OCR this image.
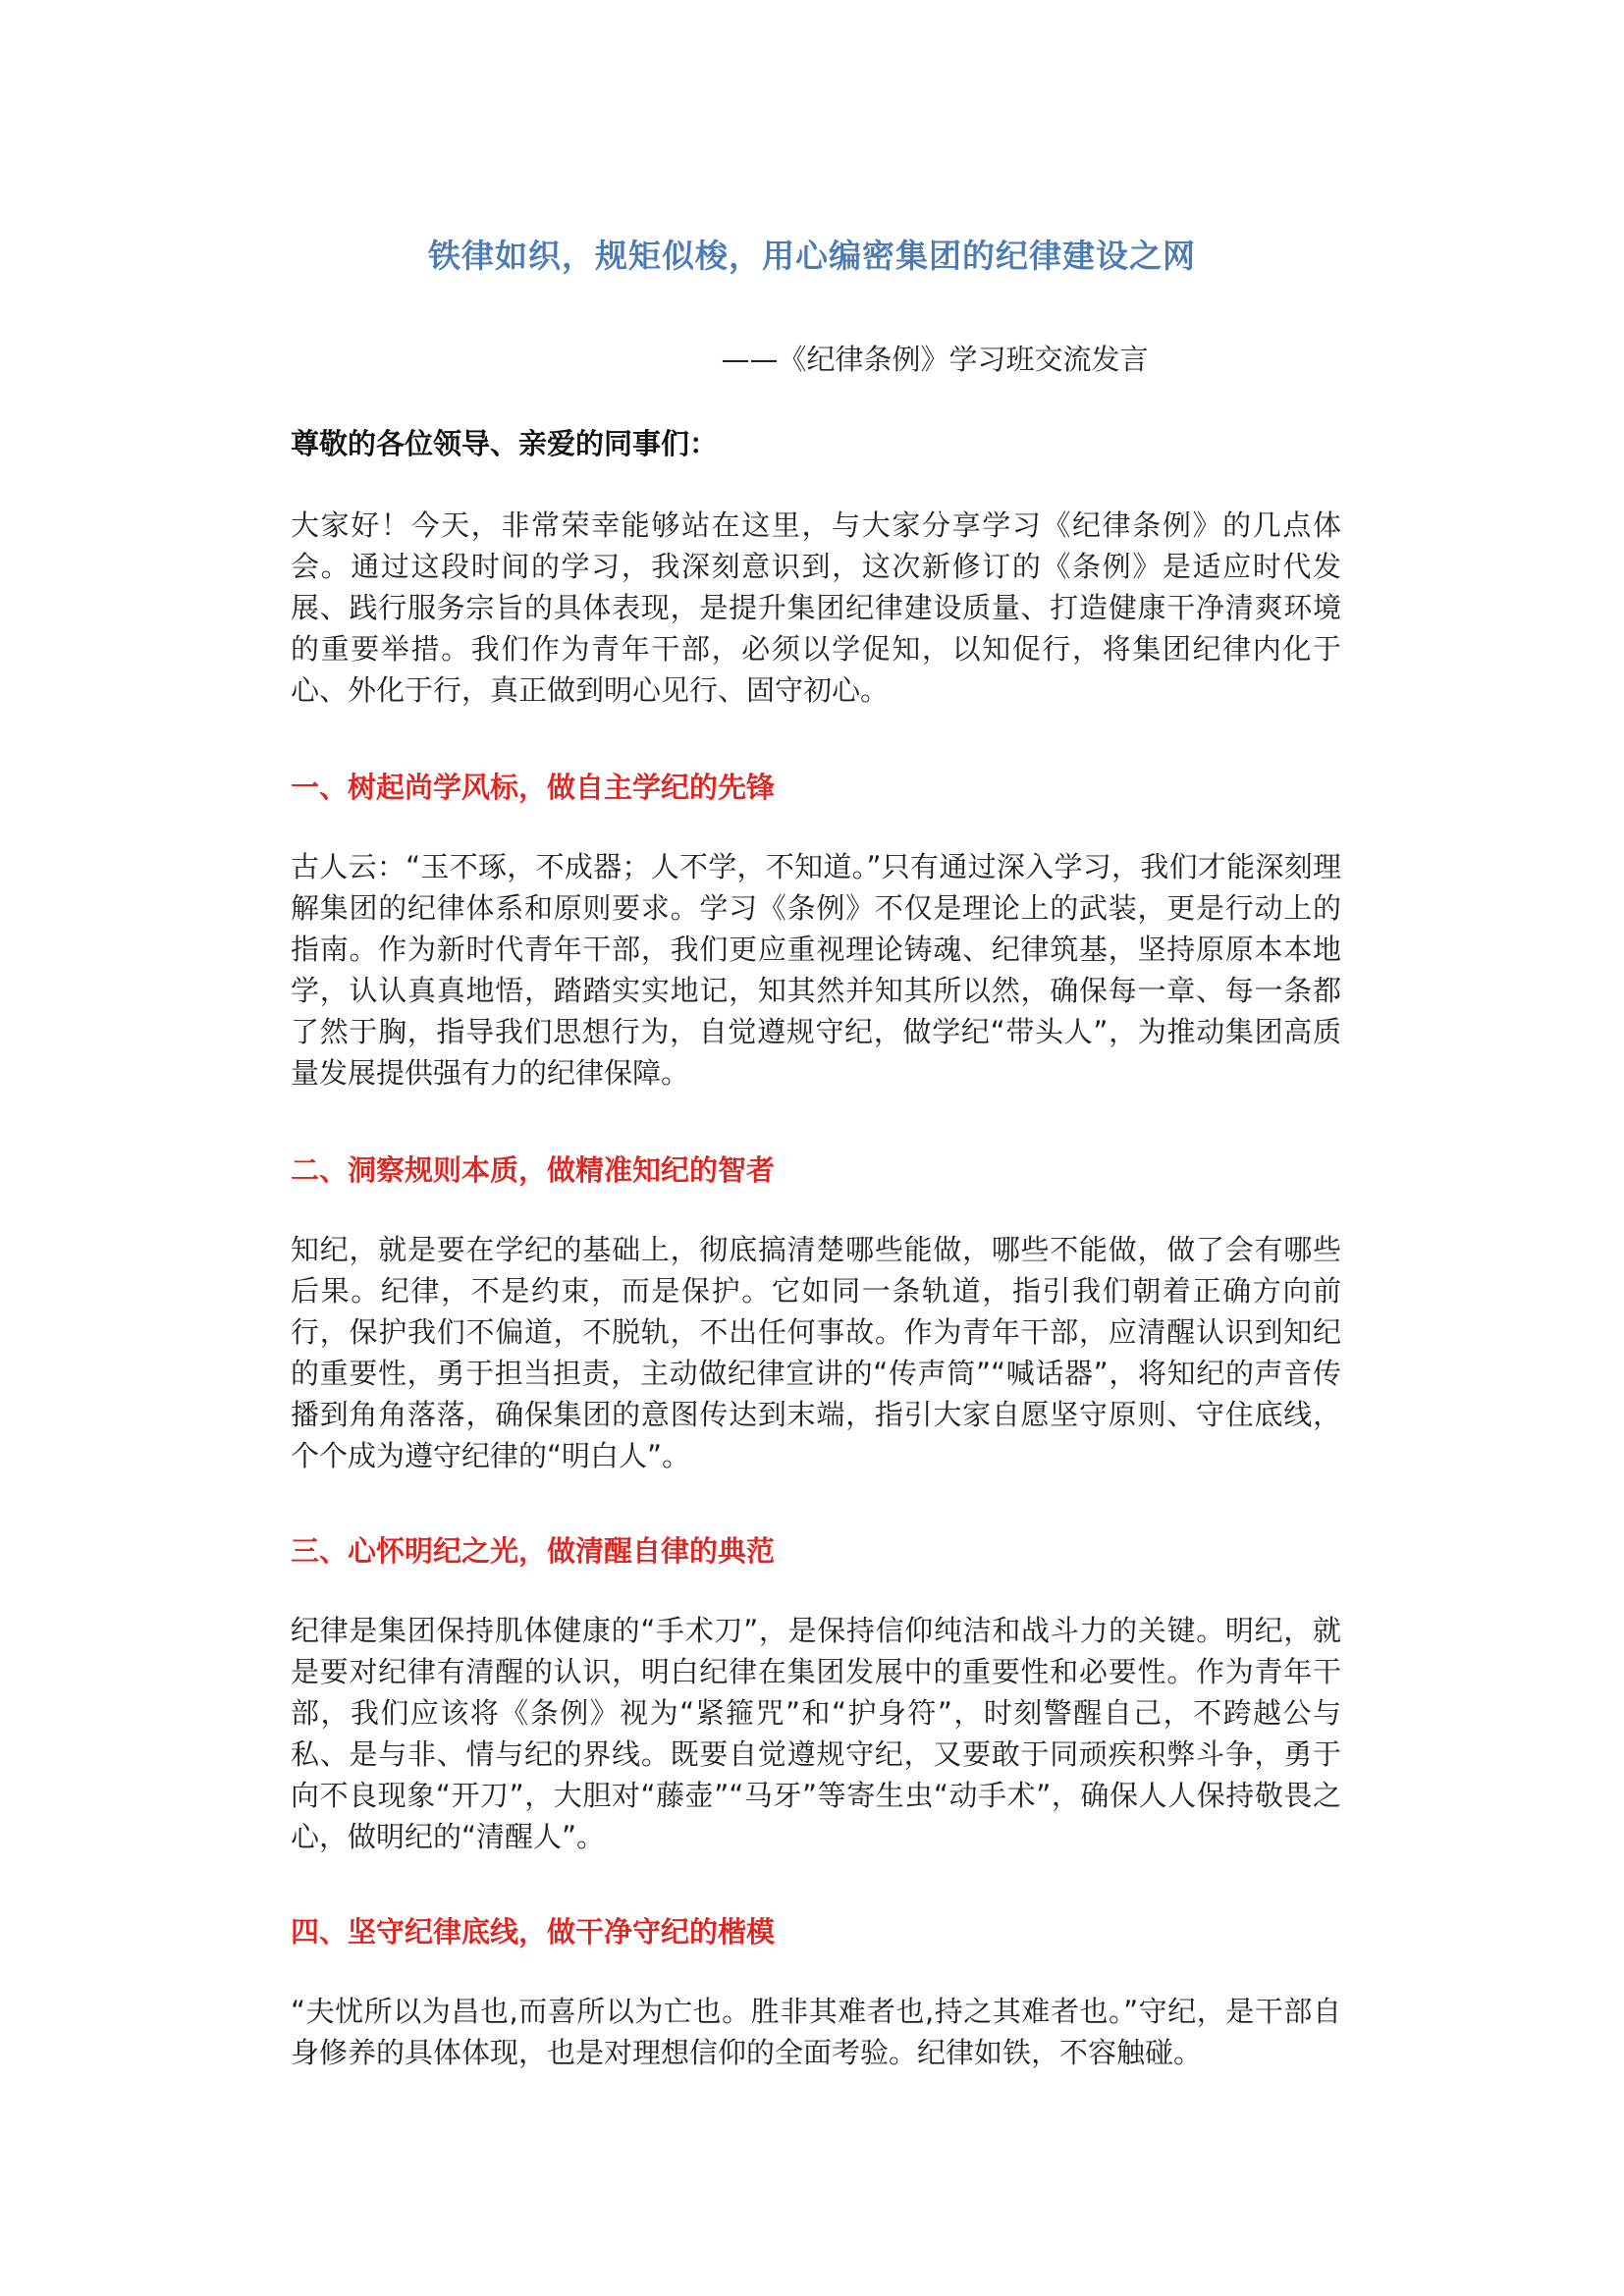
铁律如织，规矩似梭，用心编密集团的纪律建设之网
——《纪律条例》学习班交流发言
尊敬的各位领导、亲爱的同事们：
大家好！今天，非常荣幸能够站在这里，与大家分享学习《纪律条例》的几点体会。通过这段时间的学习，我深刻意识到，这次新修订的《条例》是适应时代发展、践行服务宗旨的具体表现，是提升集团纪律建设质量、打造健康干净清爽环境的重要举措。我们作为青年干部，必须以学促知，以知促行，将集团纪律内化于心、外化于行，真正做到明心见行、固守初心。
一、树起尚学风标，做自主学纪的先锋
古人云：“玉不琢，不成器；人不学，不知道。”只有通过深入学习，我们才能深刻理解集团的纪律体系和原则要求。学习《条例》不仅是理论上的武装，更是行动上的指南。作为新时代青年干部，我们更应重视理论铸魂、纪律筑基，坚持原原本本地学，认认真真地悟，踏踏实实地记，知其然并知其所以然，确保每一章、每一条都了然于胸，指导我们思想行为，自觉遵规守纪，做学纪“带头人”，为推动集团高质量发展提供强有力的纪律保障。
二、洞察规则本质，做精准知纪的智者
知纪，就是要在学纪的基础上，彻底搞清楚哪些能做，哪些不能做，做了会有哪些后果。纪律，不是约束，而是保护。它如同一条轨道，指引我们朝着正确方向前行，保护我们不偏道，不脱轨，不出任何事故。作为青年干部，应清醒认识到知纪的重要性，勇于担当担责，主动做纪律宣讲的“传声筒”“喊话器”，将知纪的声音传播到角角落落，确保集团的意图传达到末端，指引大家自愿坚守原则、守住底线，个个成为遵守纪律的“明白人”。
三、心怀明纪之光，做清醒自律的典范
纪律是集团保持肌体健康的“手术刀”，是保持信仰纯洁和战斗力的关键。明纪，就是要对纪律有清醒的认识，明白纪律在集团发展中的重要性和必要性。作为青年干部，我们应该将《条例》视为“紧箍咒”和“护身符”，时刻警醒自己，不跨越公与私、是与非、情与纪的界线。既要自觉遵规守纪，又要敢于同顽疾积弊斗争，勇于向不良现象“开刀”，大胆对“藤壶”“马牙”等寄生虫“动手术”，确保人人保持敬畏之心，做明纪的“清醒人”。
四、坚守纪律底线，做干净守纪的楷模
“夫忧所以为昌也,而喜所以为亡也。胜非其难者也,持之其难者也。”守纪，是干部自身修养的具体体现，也是对理想信仰的全面考验。纪律如铁，不容触碰。
